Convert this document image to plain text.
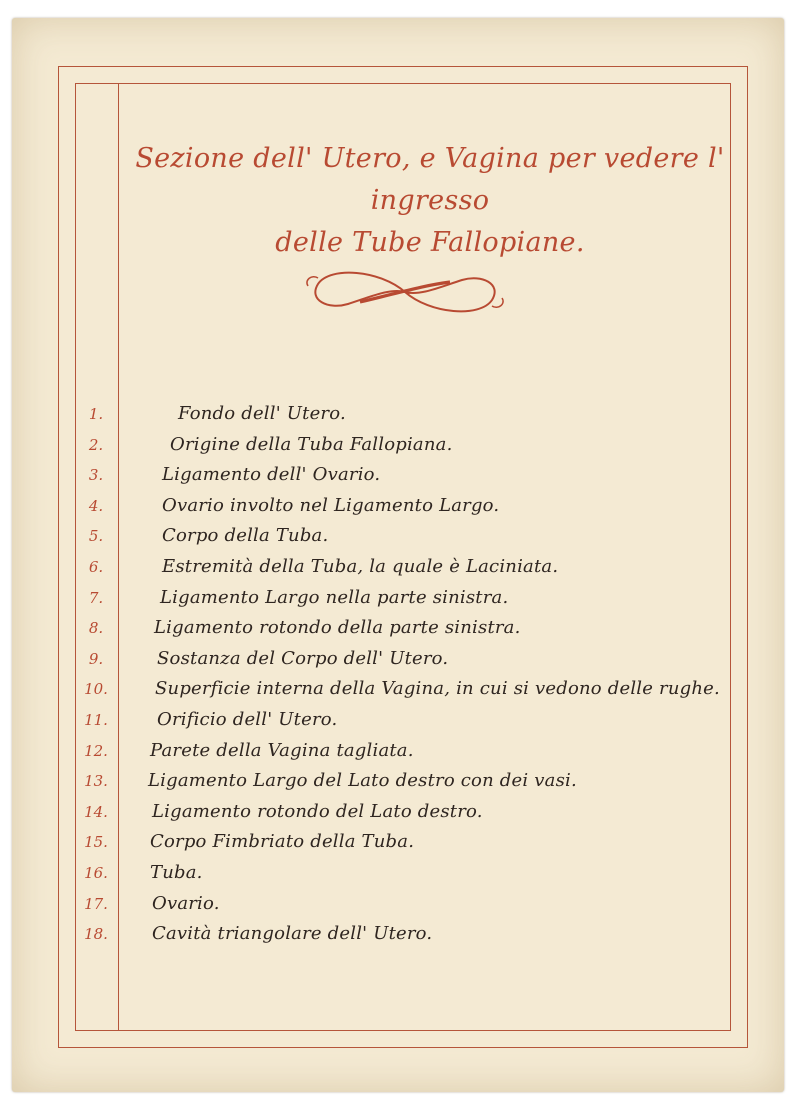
Sezione dell' Utero, e Vagina per vedere l' ingresso
delle Tube Fallopiane.
1.	Fondo dell' Utero.
2.	Origine della Tuba Fallopiana.
3.	Ligamento dell' Ovario.
4.	Ovario involto nel Ligamento Largo.
5.	Corpo della Tuba.
6.	Estremità della Tuba, la quale è Laciniata.
7.	Ligamento Largo nella parte sinistra.
8.	Ligamento rotondo della parte sinistra.
9.	Sostanza del Corpo dell' Utero.
10.	Superficie interna della Vagina, in cui si vedono delle rughe.
11.	Orificio dell' Utero.
12.	Parete della Vagina tagliata.
13.	Ligamento Largo del Lato destro con dei vasi.
14.	Ligamento rotondo del Lato destro.
15.	Corpo Fimbriato della Tuba.
16.	Tuba.
17.	Ovario.
18.	Cavità triangolare dell' Utero.
